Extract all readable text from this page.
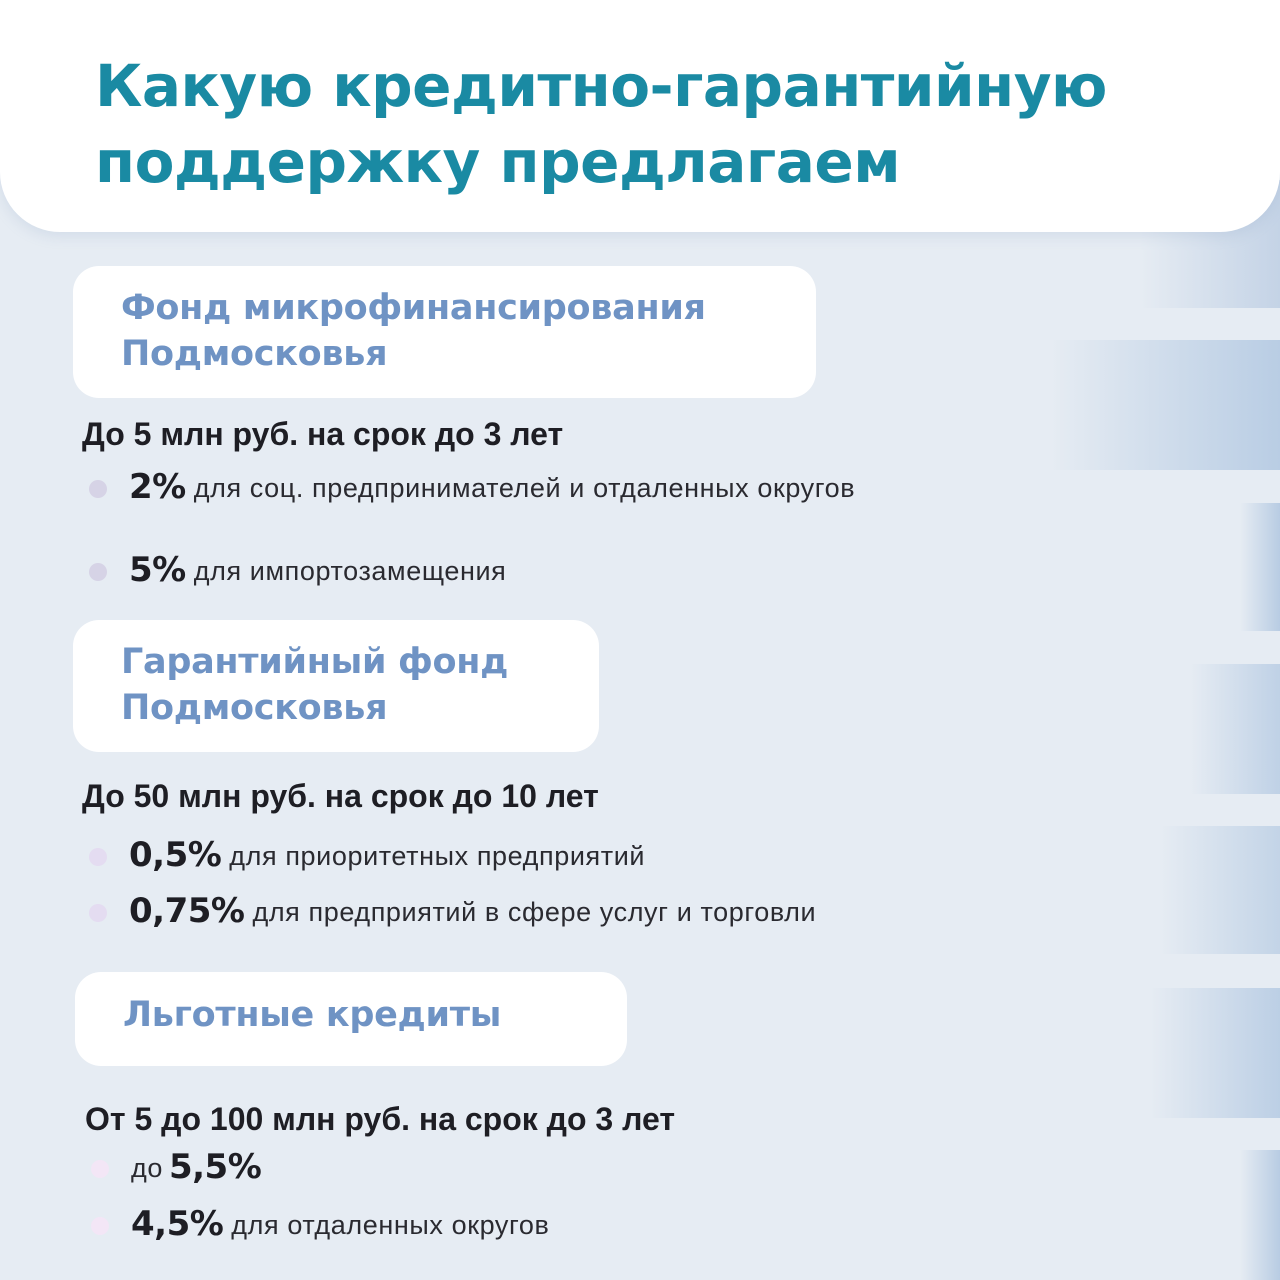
Какую кредитно-гарантийную поддержку предлагаем
Фонд микрофинансирования Подмосковья

До 5 млн руб. на срок до 3 лет

2% для соц. предпринимателей и отдаленных округов
5% для импортозамещения
Гарантийный фонд Подмосковья

До 50 млн руб. на срок до 10 лет

0,5% для приоритетных предприятий
0,75% для предприятий в сфере услуг и торговли
Льготные кредиты

От 5 до 100 млн руб. на срок до 3 лет

до 5,5%
4,5% для отдаленных округов
